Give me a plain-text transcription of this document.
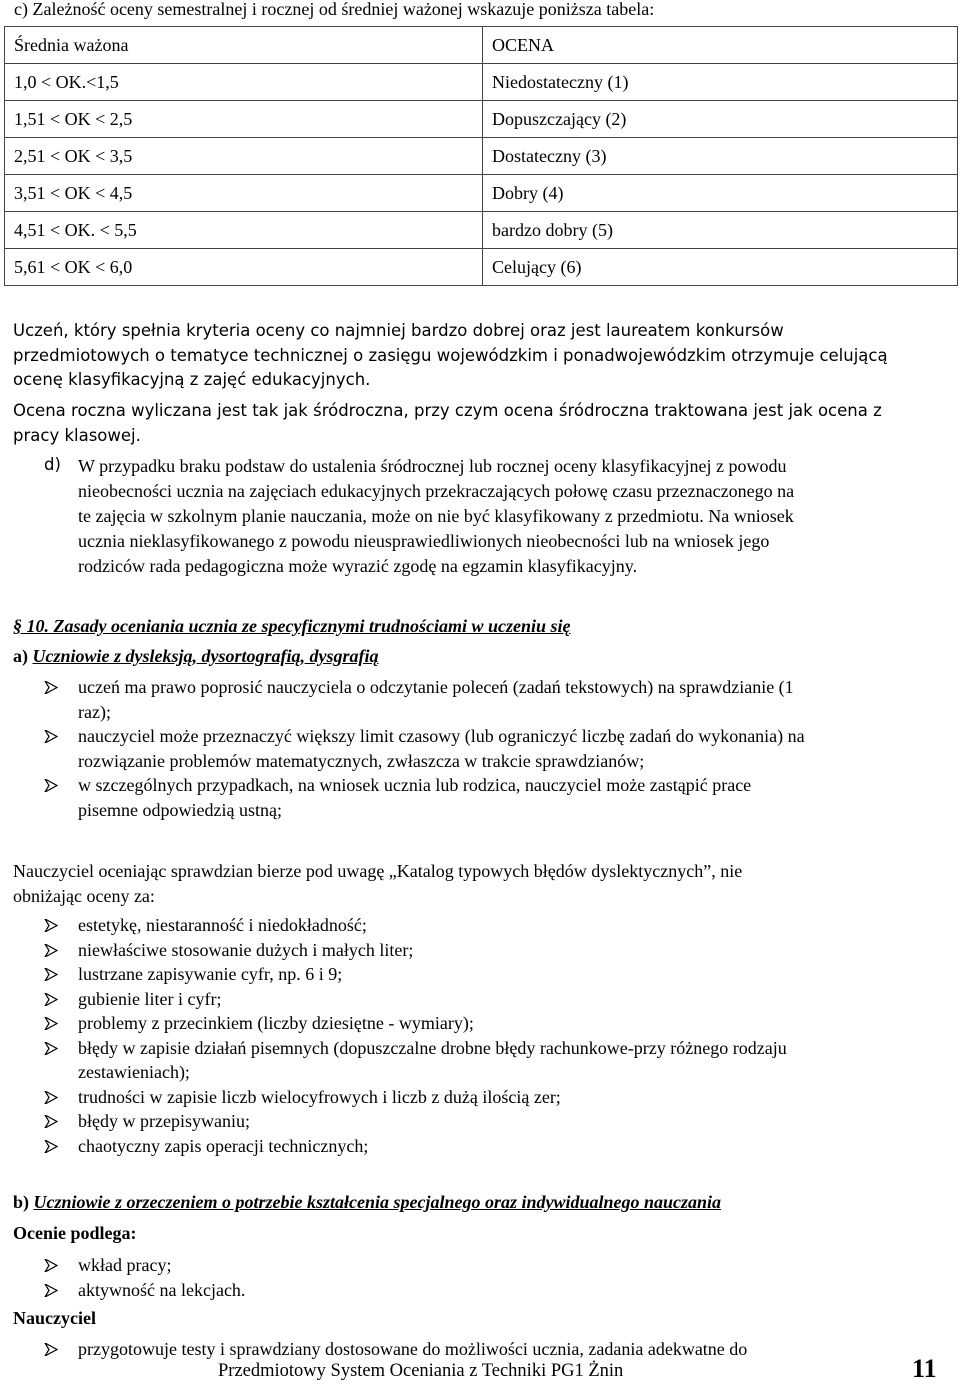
c) Zależność oceny semestralnej i rocznej od średniej ważonej wskazuje poniższa tabela:
Średnia ważona	OCENA
1,0 < OK.<1,5	Niedostateczny (1)
1,51 < OK < 2,5	Dopuszczający (2)
2,51 < OK < 3,5	Dostateczny (3)
3,51 < OK < 4,5	Dobry (4)
4,51 < OK. < 5,5	bardzo dobry (5)
5,61 < OK < 6,0	Celujący (6)

Uczeń, który spełnia kryteria oceny co najmniej bardzo dobrej oraz jest laureatem konkursów

przedmiotowych o tematyce technicznej o zasięgu wojewódzkim i ponadwojewódzkim otrzymuje celującą

ocenę klasyfikacyjną z zajęć edukacyjnych.

Ocena roczna wyliczana jest tak jak śródroczna, przy czym ocena śródroczna traktowana jest jak ocena z

pracy klasowej.

d) W przypadku braku podstaw do ustalenia śródrocznej lub rocznej oceny klasyfikacyjnej z powodu

nieobecności ucznia na zajęciach edukacyjnych przekraczających połowę czasu przeznaczonego na

te zajęcia w szkolnym planie nauczania, może on nie być klasyfikowany z przedmiotu. Na wniosek

ucznia nieklasyfikowanego z powodu nieusprawiedliwionych nieobecności lub na wniosek jego

rodziców rada pedagogiczna może wyrazić zgodę na egzamin klasyfikacyjny.

§ 10. Zasady oceniania ucznia ze specyficznymi trudnościami w uczeniu się
a) Uczniowie z dysleksją, dysortografią, dysgrafią
uczeń ma prawo poprosić nauczyciela o odczytanie poleceń (zadań tekstowych) na sprawdzianie (1
raz);
nauczyciel może przeznaczyć większy limit czasowy (lub ograniczyć liczbę zadań do wykonania) na
rozwiązanie problemów matematycznych, zwłaszcza w trakcie sprawdzianów;
w szczególnych przypadkach, na wniosek ucznia lub rodzica, nauczyciel może zastąpić prace
pisemne odpowiedzią ustną;

Nauczyciel oceniając sprawdzian bierze pod uwagę „Katalog typowych błędów dyslektycznych”, nie

obniżając oceny za:

estetykę, niestaranność i niedokładność;
niewłaściwe stosowanie dużych i małych liter;
lustrzane zapisywanie cyfr, np. 6 i 9;
gubienie liter i cyfr;
problemy z przecinkiem (liczby dziesiętne - wymiary);
błędy w zapisie działań pisemnych (dopuszczalne drobne błędy rachunkowe-przy różnego rodzaju
zestawieniach);
trudności w zapisie liczb wielocyfrowych i liczb z dużą ilością zer;
błędy w przepisywaniu;
chaotyczny zapis operacji technicznych;
b) Uczniowie z orzeczeniem o potrzebie kształcenia specjalnego oraz indywidualnego nauczania
Ocenie podlega:
wkład pracy;
aktywność na lekcjach.
Nauczyciel
przygotowuje testy i sprawdziany dostosowane do możliwości ucznia, zadania adekwatne do
Przedmiotowy System Oceniania z Techniki PG1 Żnin	11
